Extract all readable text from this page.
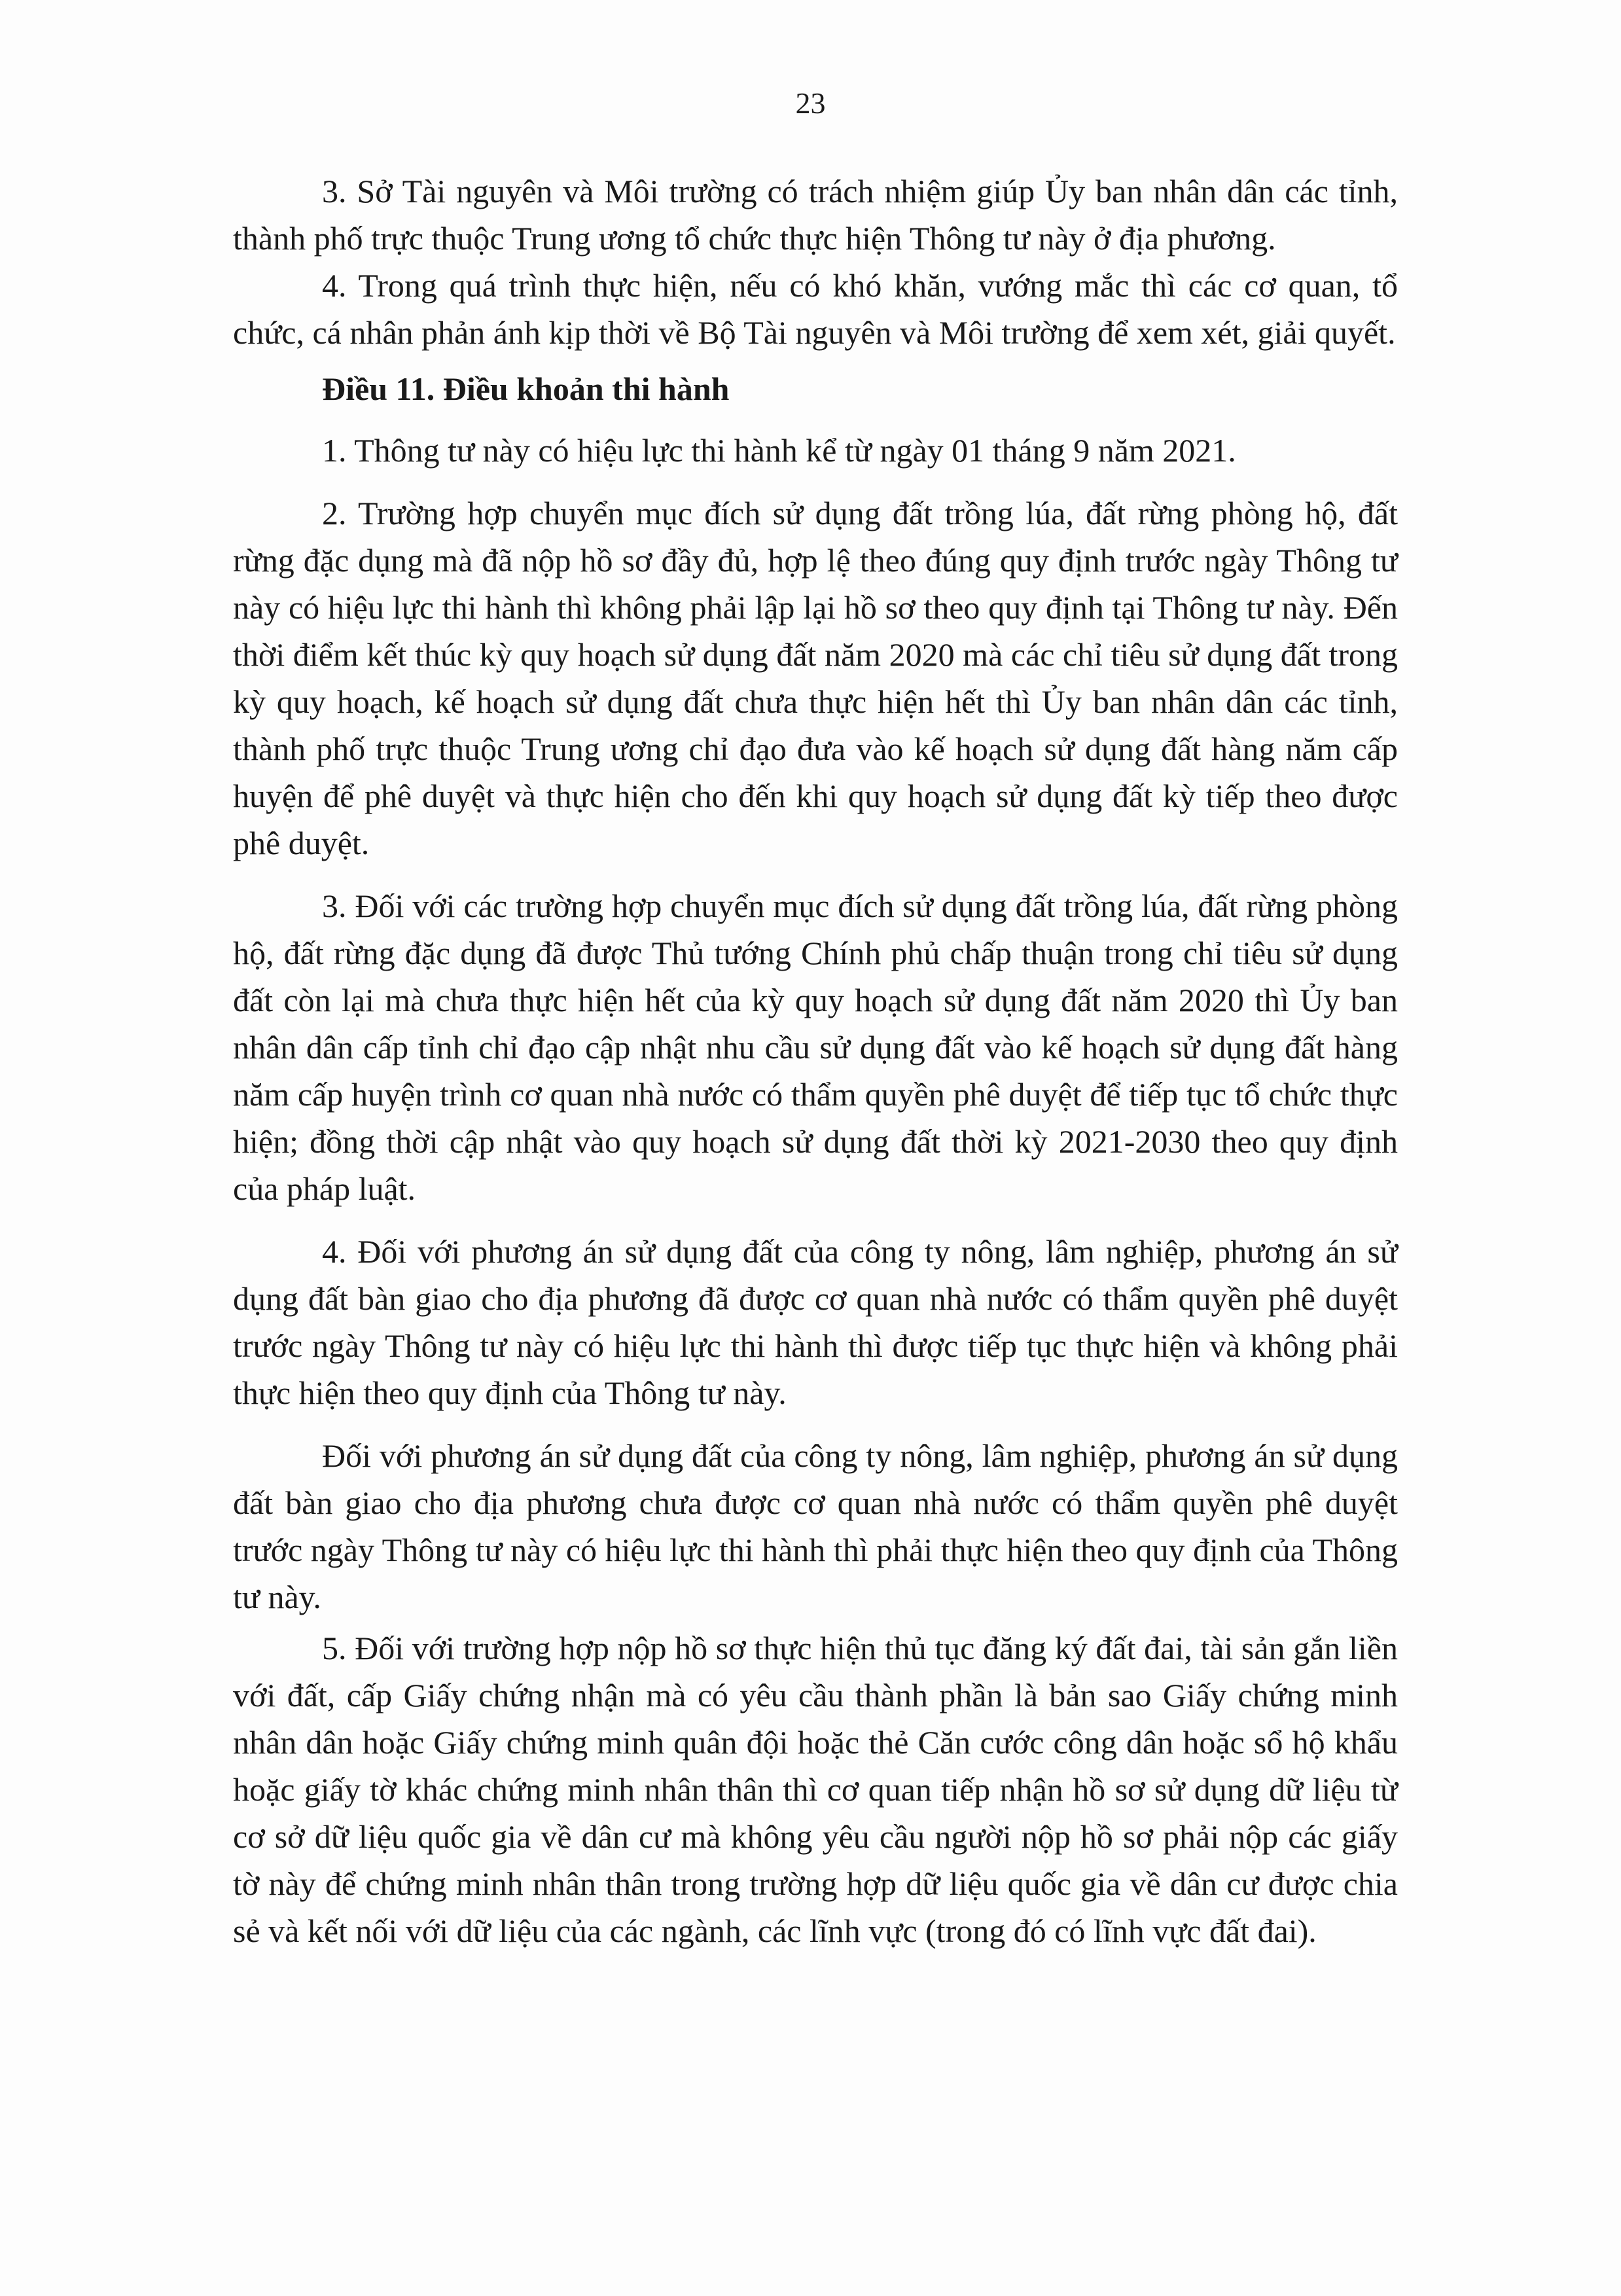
23

3. Sở Tài nguyên và Môi trường có trách nhiệm giúp Ủy ban nhân dân các tỉnh, thành phố trực thuộc Trung ương tổ chức thực hiện Thông tư này ở địa phương.

4. Trong quá trình thực hiện, nếu có khó khăn, vướng mắc thì các cơ quan, tổ chức, cá nhân phản ánh kịp thời về Bộ Tài nguyên và Môi trường để xem xét, giải quyết.

Điều 11. Điều khoản thi hành

1. Thông tư này có hiệu lực thi hành kể từ ngày 01 tháng 9 năm 2021.

2. Trường hợp chuyển mục đích sử dụng đất trồng lúa, đất rừng phòng hộ, đất rừng đặc dụng mà đã nộp hồ sơ đầy đủ, hợp lệ theo đúng quy định trước ngày Thông tư này có hiệu lực thi hành thì không phải lập lại hồ sơ theo quy định tại Thông tư này. Đến thời điểm kết thúc kỳ quy hoạch sử dụng đất năm 2020 mà các chỉ tiêu sử dụng đất trong kỳ quy hoạch, kế hoạch sử dụng đất chưa thực hiện hết thì Ủy ban nhân dân các tỉnh, thành phố trực thuộc Trung ương chỉ đạo đưa vào kế hoạch sử dụng đất hàng năm cấp huyện để phê duyệt và thực hiện cho đến khi quy hoạch sử dụng đất kỳ tiếp theo được phê duyệt.

3. Đối với các trường hợp chuyển mục đích sử dụng đất trồng lúa, đất rừng phòng hộ, đất rừng đặc dụng đã được Thủ tướng Chính phủ chấp thuận trong chỉ tiêu sử dụng đất còn lại mà chưa thực hiện hết của kỳ quy hoạch sử dụng đất năm 2020 thì Ủy ban nhân dân cấp tỉnh chỉ đạo cập nhật nhu cầu sử dụng đất vào kế hoạch sử dụng đất hàng năm cấp huyện trình cơ quan nhà nước có thẩm quyền phê duyệt để tiếp tục tổ chức thực hiện; đồng thời cập nhật vào quy hoạch sử dụng đất thời kỳ 2021-2030 theo quy định của pháp luật.

4. Đối với phương án sử dụng đất của công ty nông, lâm nghiệp, phương án sử dụng đất bàn giao cho địa phương đã được cơ quan nhà nước có thẩm quyền phê duyệt trước ngày Thông tư này có hiệu lực thi hành thì được tiếp tục thực hiện và không phải thực hiện theo quy định của Thông tư này.

Đối với phương án sử dụng đất của công ty nông, lâm nghiệp, phương án sử dụng đất bàn giao cho địa phương chưa được cơ quan nhà nước có thẩm quyền phê duyệt trước ngày Thông tư này có hiệu lực thi hành thì phải thực hiện theo quy định của Thông tư này.

5. Đối với trường hợp nộp hồ sơ thực hiện thủ tục đăng ký đất đai, tài sản gắn liền với đất, cấp Giấy chứng nhận mà có yêu cầu thành phần là bản sao Giấy chứng minh nhân dân hoặc Giấy chứng minh quân đội hoặc thẻ Căn cước công dân hoặc sổ hộ khẩu hoặc giấy tờ khác chứng minh nhân thân thì cơ quan tiếp nhận hồ sơ sử dụng dữ liệu từ cơ sở dữ liệu quốc gia về dân cư mà không yêu cầu người nộp hồ sơ phải nộp các giấy tờ này để chứng minh nhân thân trong trường hợp dữ liệu quốc gia về dân cư được chia sẻ và kết nối với dữ liệu của các ngành, các lĩnh vực (trong đó có lĩnh vực đất đai).
